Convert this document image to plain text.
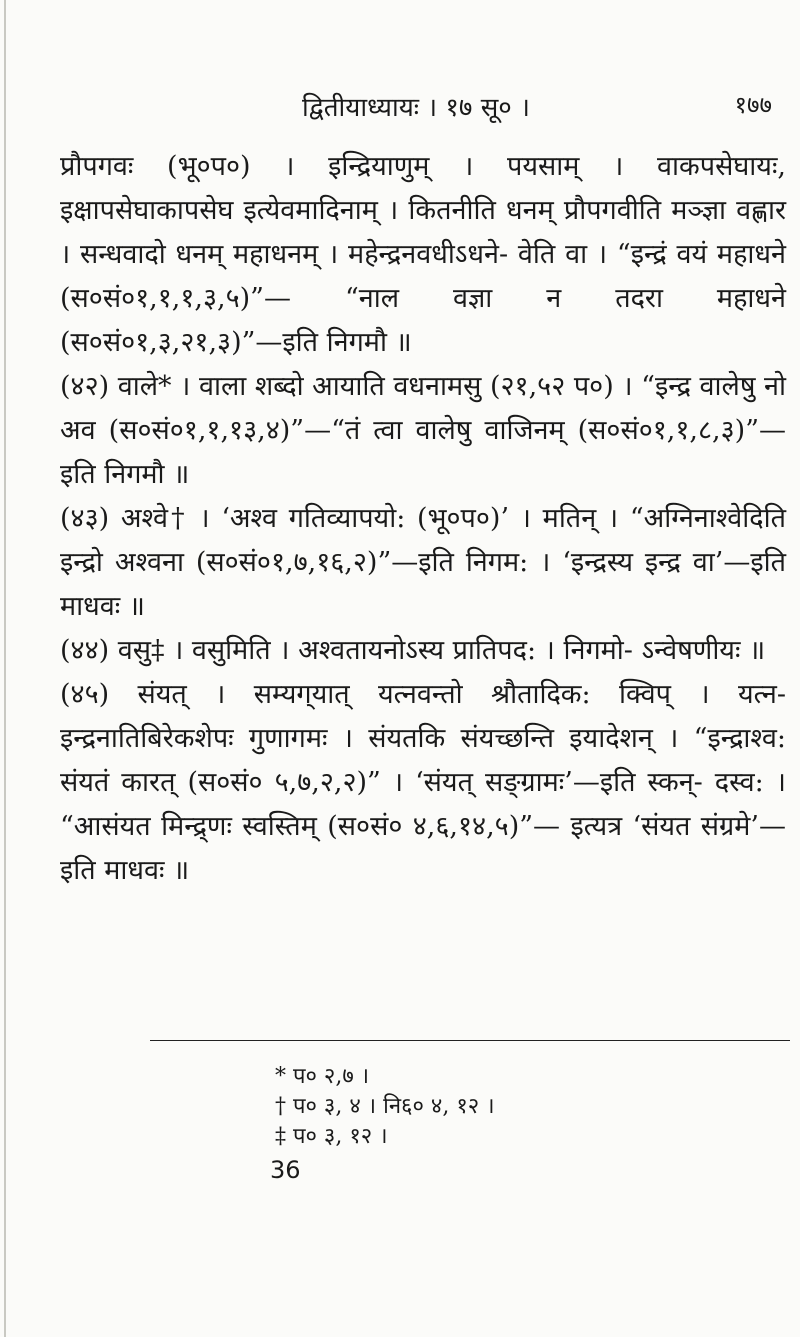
द्वितीयाध्यायः । १७ सू० ।	१७७

प्रौपगवः (भू०प०) । इन्द्रियाणुम् । पयसाम् । वाकपसेघायः, इक्षापसेघाकापसेघ इत्येवमादिनाम् । कितनीति धनम् प्रौपगवीति मञ्ज्ञा वह्णार । सन्धवादो धनम् महाधनम् । महेन्द्रनवधीऽधने- वेति वा । “इन्द्रं वयं महाधने (स०सं०१,१,१,३,५)”— “नाल वज्ञा न तदरा महाधने (स०सं०१,३,२१,३)”—इति निगमौ ॥

(४२) वाले* । वाला शब्दो आयाति वधनामसु (२१,५२ प०) । “इन्द्र वालेषु नो अव (स०सं०१,१,१३,४)”—“तं त्वा वालेषु वाजिनम् (स०सं०१,१,८,३)”—इति निगमौ ॥

(४३) अश्वे† । ‘अश्व गतिव्यापयो: (भू०प०)’ । मतिन् । “अग्निनाश्वेदिति इन्द्रो अश्वना (स०सं०१,७,१६,२)”—इति निगम: । ‘इन्द्रस्य इन्द्र वा’—इति माधवः ॥

(४४) वसु‡ । वसुमिति । अश्वतायनोऽस्य प्रातिपद: । निगमो- ऽन्वेषणीयः ॥

(४५) संयत् । सम्यग्‌यात् यत्नवन्तो श्रौतादिक: क्विप् । यत्न- इन्द्रनातिबिरेकशेपः गुणागमः । संयतकि संयच्छन्ति इयादेशन् । “इन्द्राश्व: संयतं कारत् (स०सं० ५,७,२,२)” । ‘संयत् सङ्ग्रामः’—इति स्कन्- दस्व: । “आसंयत मिन्द्र्णः स्वस्तिम् (स०सं० ४,६,१४,५)”— इत्यत्र ‘संयत संग्रमे’—इति माधवः ॥

* प० २,७ ।
† प० ३, ४ । नि६० ४, १२ ।
‡ प० ३, १२ ।
36
